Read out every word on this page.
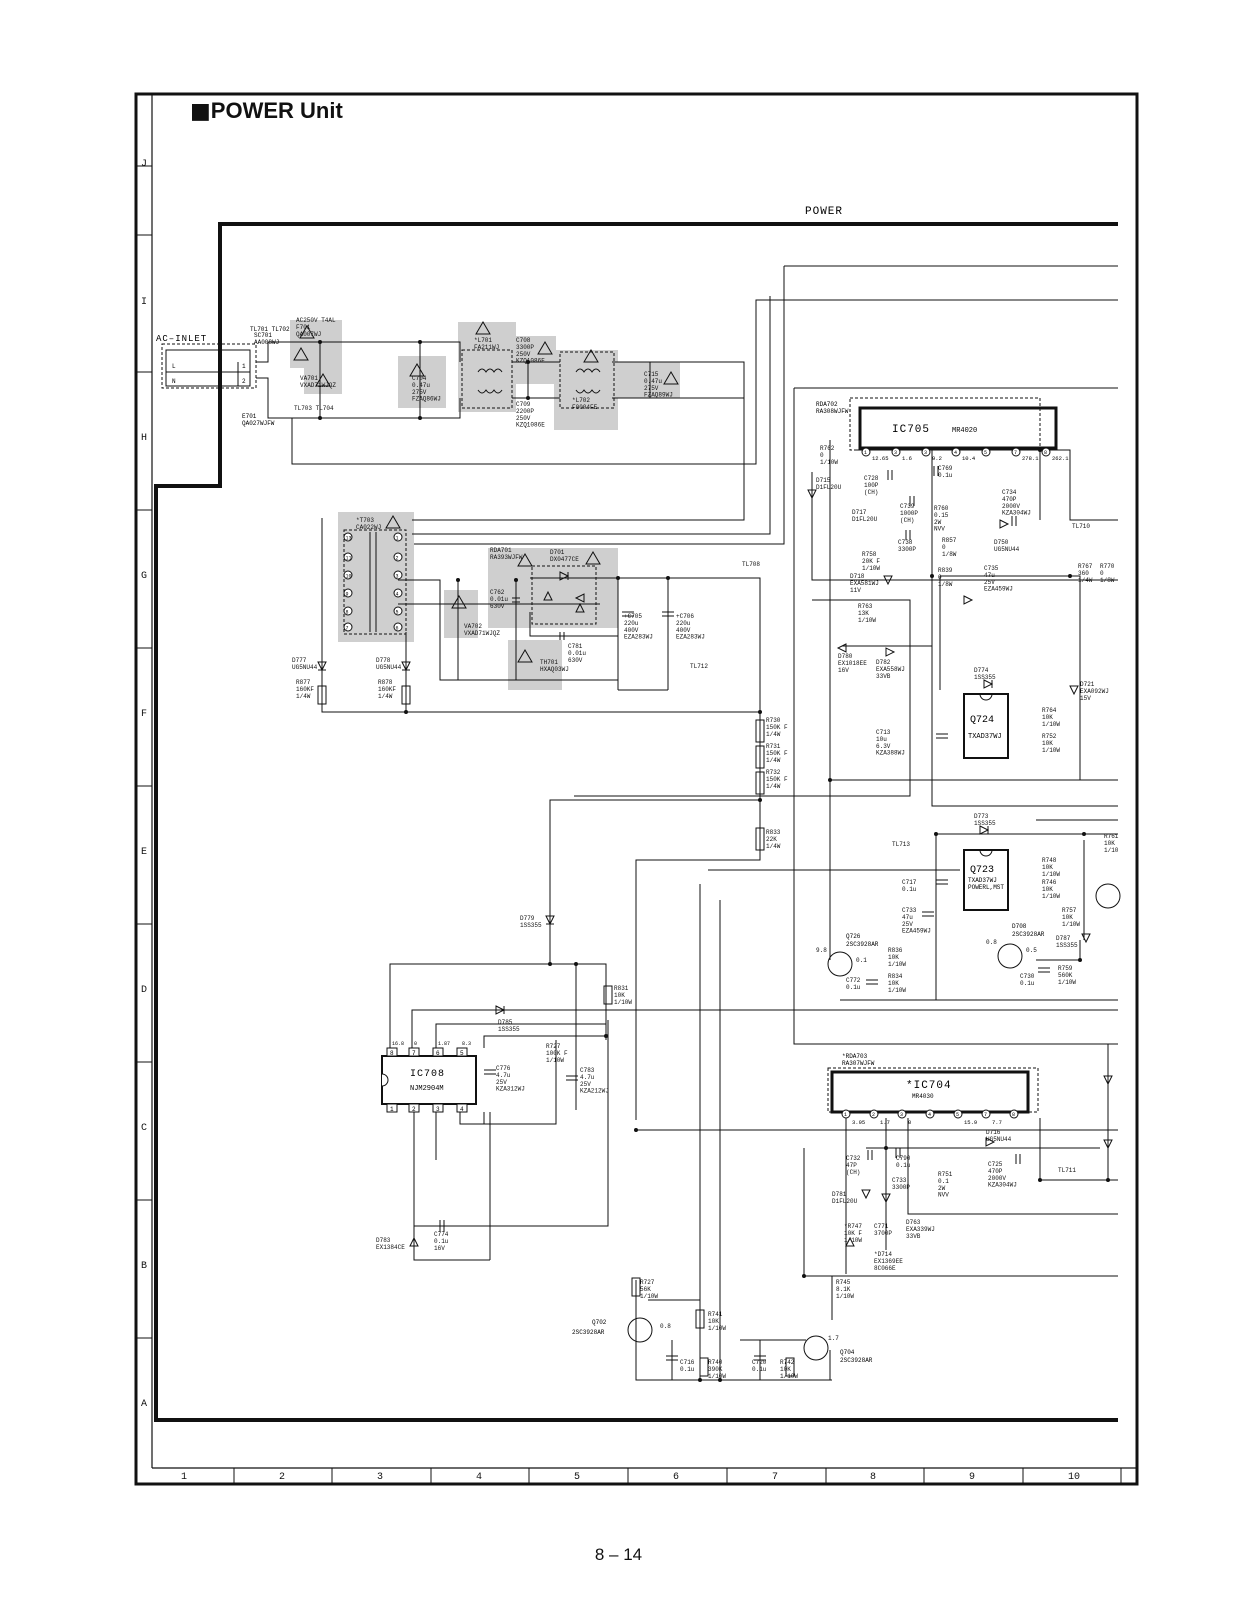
■POWER Unit
J
I
H
G
F
E
D
C
B
A
1	2	3	4	5	6	7	8	9	10
POWER
AC–INLET
13
11
10
9
8
7
1
2
3
4
5
6
IC705	MR4020
RDA702 RA308WJFW
*IC704
MR4030
*RDA703 RA307WJFW
IC708
NJM2904M
Q724
TXAD37WJ
Q723
TXAD37WJ POWERL,MST
Q726
2SC3928AR
D708
2SC3928AR
Q702
2SC3928AR
Q704
2SC3928AR
AC250V T4AL F701 QA007WJ
VA701 VXAD71WJQZ
TL703 TL704
C704 0.47u 275V FZAQ86WJ
*L701 FA211WJ
C708 3300P 250V KZQ1086E
C709 2200P 250V KZQ1086E
*L702 F0004FE
C715 0.47u 275V FZAQ89WJ
*T703 CA022WJ
RDA701 RA393WJFW
D701 DX0477CE
C762 0.01u 630V
VA702 VXAD71WJQZ
C781 0.01u 630V
TH701 HXAQ03WJ
+C705 220u 400V EZA283WJ
+C706 220u 400V EZA283WJ
TL708
TL712
D777 UG5NU44
D778 UG5NU44
R877 160KF 1/4W
R878 160KF 1/4W
R730 150K F 1/4W
R731 150K F 1/4W
R732 150K F 1/4W
R833 22K 1/4W
R762 0 1/10W
D715 D1FL20U
C728 100P (CH)
C769 0.1u
C739 1000P (CH)
D717 D1FL20U
R760 0.15 2W NVV
C734 470P 2000V KZA304WJ
TL710
C738 3300P
R857 0 1/8W
D750 UG5NU44
R758 20K F 1/10W
D718 EXA581WJ 11V
R839 0 1/8W
C735 47u 25V EZA459WJ
R767 360 1/4W
R770 0 1/8W
R763 13K 1/10W
D780 EX1018EE 16V
D782 EXA558WJ 33VB
D774 1SS355
D721 EXA092WJ 15V
R764 10K 1/10W
R752 10K 1/10W
C713 10u 6.3V KZA388WJ
D773 1SS355
TL713
R748 10K 1/10W
R746 10K 1/10W
R761 10K 1/10
C717 0.1u
C733 47u 25V EZA459WJ
R757 10K 1/10W
D787 1SS355
R836 10K 1/10W
C772 0.1u
R834 10K 1/10W
C730 0.1u
R759 560K 1/10W
D779 1SS355
R831 10K 1/10W
D785 1SS355
R727 100K F 1/10W
C776 4.7u 25V KZA312WJ
C783 4.7u 25V KZA212WJ
D783 EX1384CE
C774 0.1u 16V
C732 47P (CH)
C790 0.1u
D716 UG5NU44
C725 470P 2000V KZA304WJ
TL711
C733 3300P
R751 0.1 2W NVV
D781 D1FL20U
C771 3700P
D763 EXA339WJ 33VB
*R747 10K F 1/10W
*D714 EX1369EE 8C066E
R745 8.1K 1/10W
R727 56K 1/10W
R741 10K 1/10W
C716 0.1u
R740 390K 1/10W
C720 0.1u
R742 10K 1/10W
9.8
0.1
0.5
1.7
0.8
0.8
1
12.65
3
1.6
3
9.2
4
10.4
5	7
278.1
8
262.1
1
3.95
2
1.7
3
0
4	5
15.9
7
7.7
8
8
16.8
7
0
6
1.87
5
8.3
1	2	3	4
L
N
1
2
SC701 AA008WJ
E701 QA027WJFW
TL701 TL702
8 – 14
